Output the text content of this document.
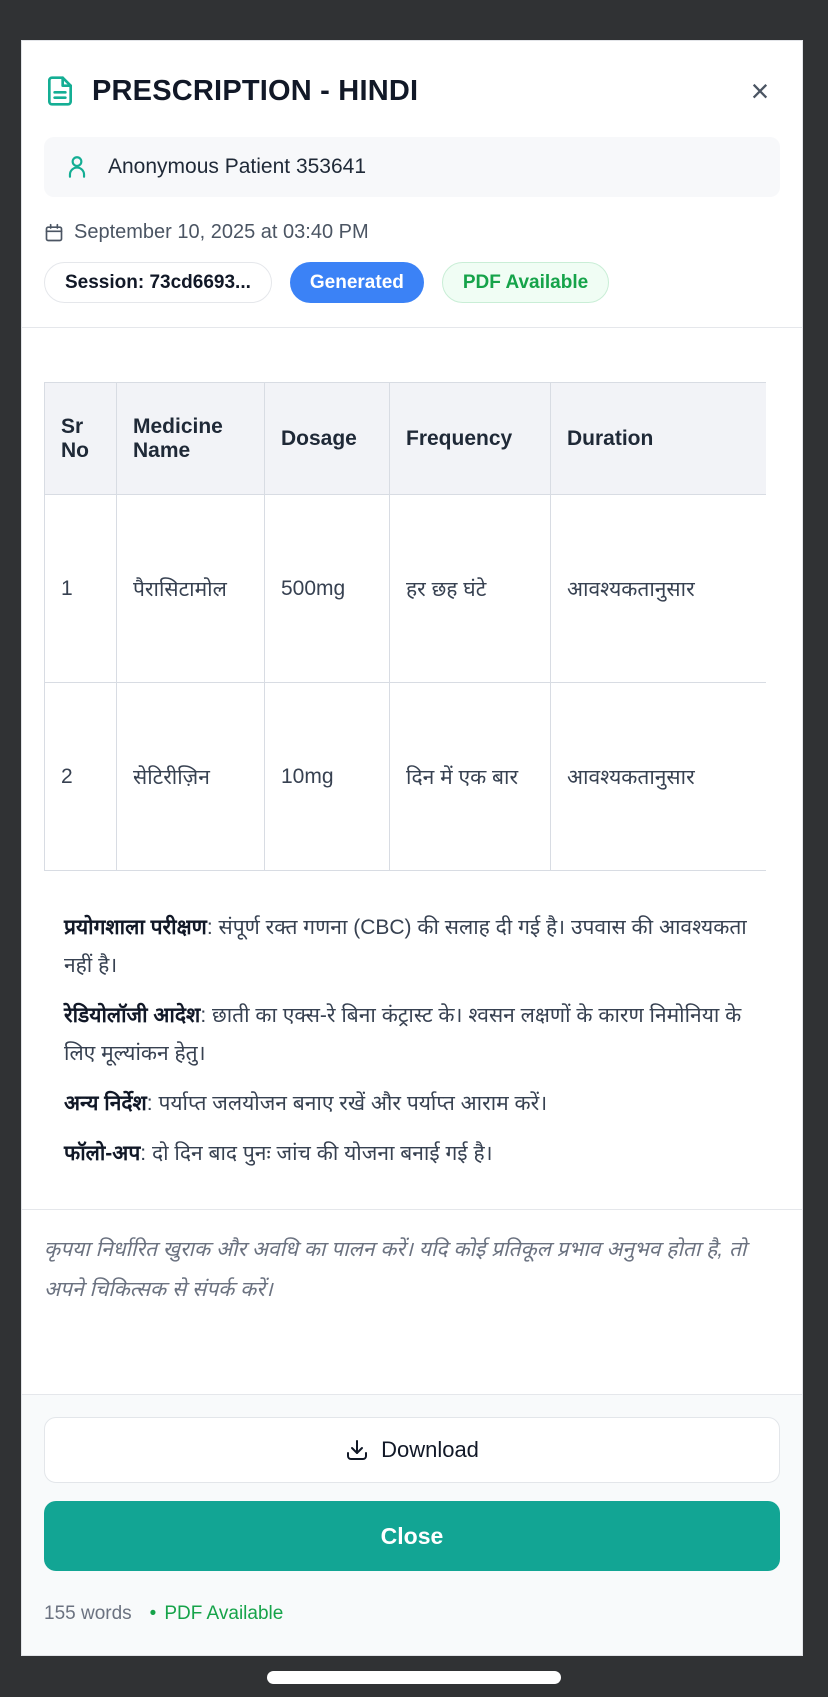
PRESCRIPTION - HINDI	×
Anonymous Patient 353641
September 10, 2025 at 03:40 PM
Session: 73cd6693...	Generated	PDF Available
Sr No	Medicine Name	Dosage	Frequency	Duration
1	पैरासिटामोल	500mg	हर छह घंटे	आवश्यकतानुसार
2	सेटिरीज़िन	10mg	दिन में एक बार	आवश्यकतानुसार

प्रयोगशाला परीक्षण: संपूर्ण रक्त गणना (CBC) की सलाह दी गई है। उपवास की आवश्यकता नहीं है।

रेडियोलॉजी आदेश: छाती का एक्स-रे बिना कंट्रास्ट के। श्वसन लक्षणों के कारण निमोनिया के लिए मूल्यांकन हेतु।

अन्य निर्देश: पर्याप्त जलयोजन बनाए रखें और पर्याप्त आराम करें।

फॉलो-अप: दो दिन बाद पुनः जांच की योजना बनाई गई है।

कृपया निर्धारित खुराक और अवधि का पालन करें। यदि कोई प्रतिकूल प्रभाव अनुभव होता है, तो अपने चिकित्सक से संपर्क करें।

Download
Close
155 words • PDF Available
